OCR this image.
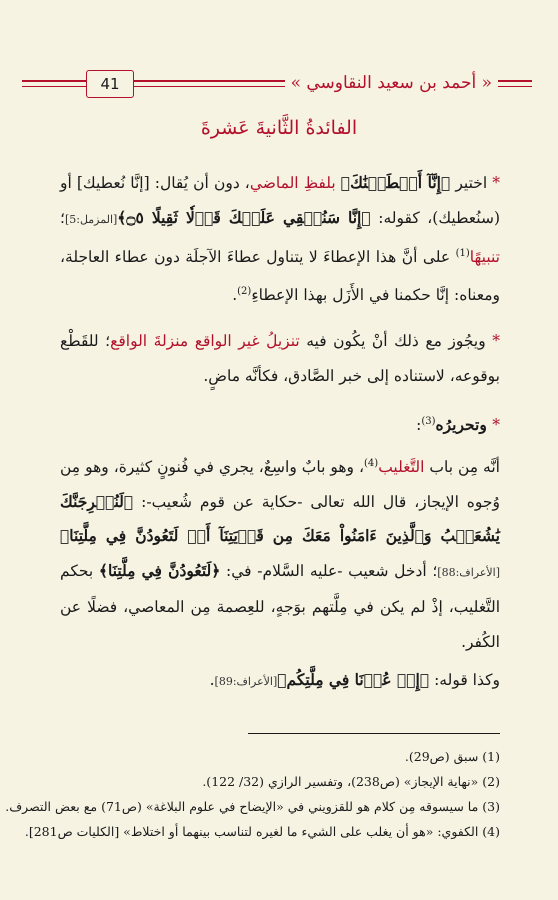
41	« أحمد بن سعيد النقاوسي »
الفائدةُ الثَّانيةَ عَشرةَ

* اختير ﴿إِنَّآ أَعۡطَيۡنَٰكَ﴾ بلفظِ الماضي، دون أن يُقال: [إنَّا نُعطيك] أو (سنُعطيك)، كقوله: ﴿إِنَّا سَنُلۡقِي عَلَيۡكَ قَوۡلٗا ثَقِيلًا ۝٥﴾[المزمل:5]؛ تنبيهًا$^{(1)}$ على أنَّ هذا الإعطاءَ لا يتناول عطاءَ الآجلَة دون عطاء العاجلة، ومعناه: إنَّا حكمنا في الأَزَل بهذا الإعطاءِ$^{(2)}$.

* ويجُوز مع ذلك أنْ يكُون فيه تنزيلُ غير الواقع منزلةَ الواقع؛ للقَطْع بوقوعه، لاستناده إلى خبر الصَّادق، فكأنَّه ماضٍ.

* وتحريرُه$^{(3)}$:

أنَّه مِن باب التَّغليب$^{(4)}$، وهو بابٌ واسِعٌ، يجري في فُنونٍ كثيرة، وهو مِن وُجوه الإيجاز، قال الله تعالى -حكاية عن قوم شُعيب-: ﴿لَنُخۡرِجَنَّكَ يَٰشُعَيۡبُ وَٱلَّذِينَ ءَامَنُواْ مَعَكَ مِن قَرۡيَتِنَآ أَوۡ لَتَعُودُنَّ فِي مِلَّتِنَا﴾[الأعراف:88]؛ أدخل شعيب -عليه السَّلام- في: ﴿لَتَعُودُنَّ فِي مِلَّتِنَا﴾ بحكم التَّغليب، إذْ لم يكن في مِلَّتهم بوَجهٍ، للعِصمة مِن المعاصي، فضلًا عن الكُفر.

وكذا قوله: ﴿إِنۡ عُدۡنَا فِي مِلَّتِكُم﴾[الأعراف:89].

(1) سبق (ص29).
(2) «نهاية الإيجاز» (ص238)، وتفسير الرازي (32/ 122).
(3) ما سيسوقه مِن كلام هو للقزويني في «الإيضاح في علوم البلاغة» (ص71) مع بعض التصرف.
(4) الكفوي: «هو أن يغلب على الشيء ما لغيره لتناسب بينهما أو اختلاط» [الكليات ص281].
